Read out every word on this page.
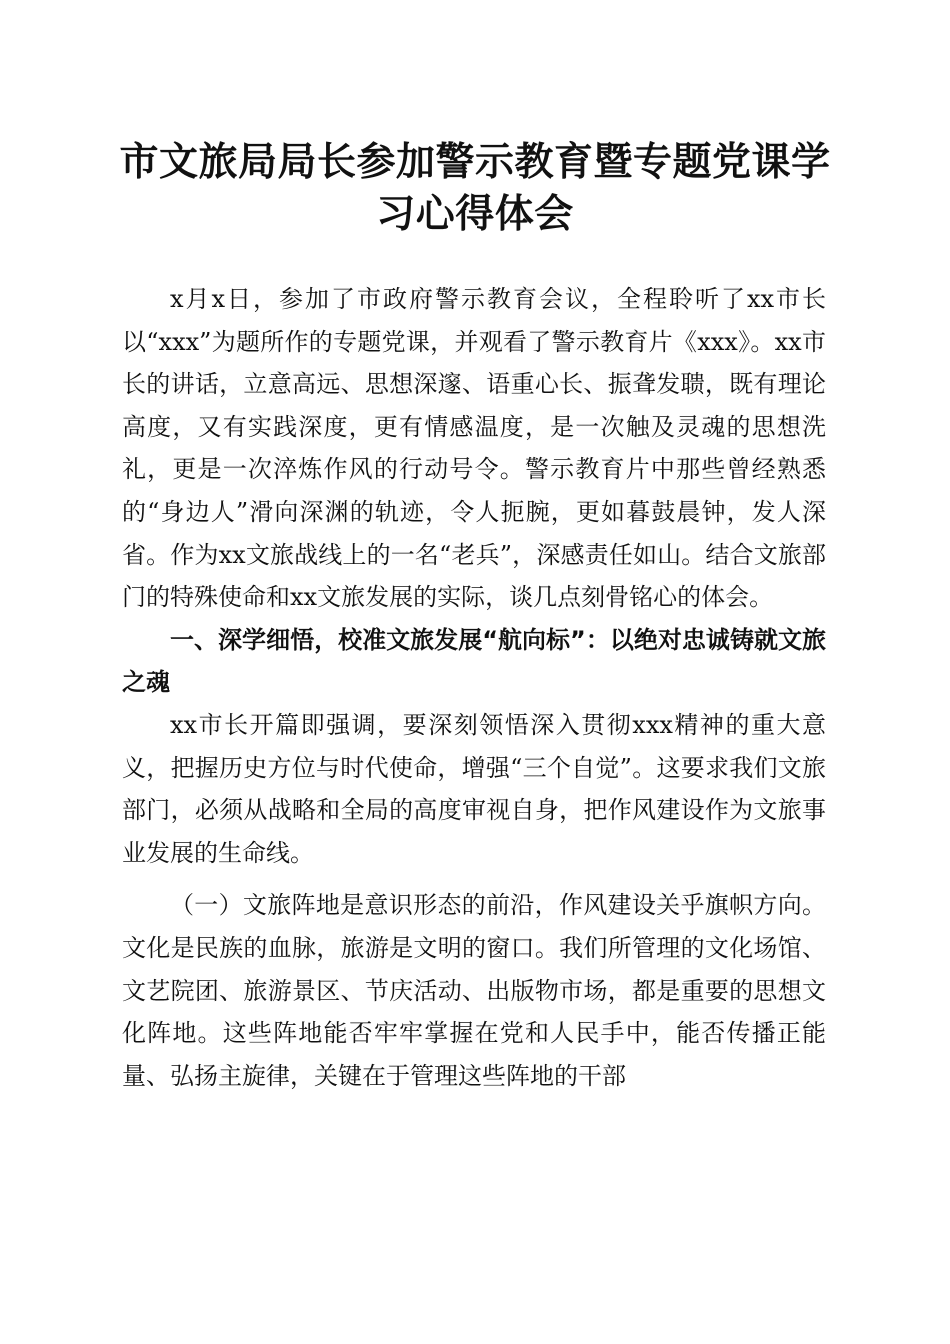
市文旅局局长参加警示教育暨专题党课学习心得体会

x月x日，参加了市政府警示教育会议，全程聆听了xx市长以“xxx”为题所作的专题党课，并观看了警示教育片《xxx》。xx市长的讲话，立意高远、思想深邃、语重心长、振聋发聩，既有理论高度，又有实践深度，更有情感温度，是一次触及灵魂的思想洗礼，更是一次淬炼作风的行动号令。警示教育片中那些曾经熟悉的“身边人”滑向深渊的轨迹，令人扼腕，更如暮鼓晨钟，发人深省。作为xx文旅战线上的一名“老兵”，深感责任如山。结合文旅部门的特殊使命和xx文旅发展的实际，谈几点刻骨铭心的体会。

一、深学细悟，校准文旅发展“航向标”：以绝对忠诚铸就文旅之魂

xx市长开篇即强调，要深刻领悟深入贯彻xxx精神的重大意义，把握历史方位与时代使命，增强“三个自觉”。这要求我们文旅部门，必须从战略和全局的高度审视自身，把作风建设作为文旅事业发展的生命线。

（一）文旅阵地是意识形态的前沿，作风建设关乎旗帜方向。文化是民族的血脉，旅游是文明的窗口。我们所管理的文化场馆、文艺院团、旅游景区、节庆活动、出版物市场，都是重要的思想文化阵地。这些阵地能否牢牢掌握在党和人民手中，能否传播正能量、弘扬主旋律，关键在于管理这些阵地的干部
